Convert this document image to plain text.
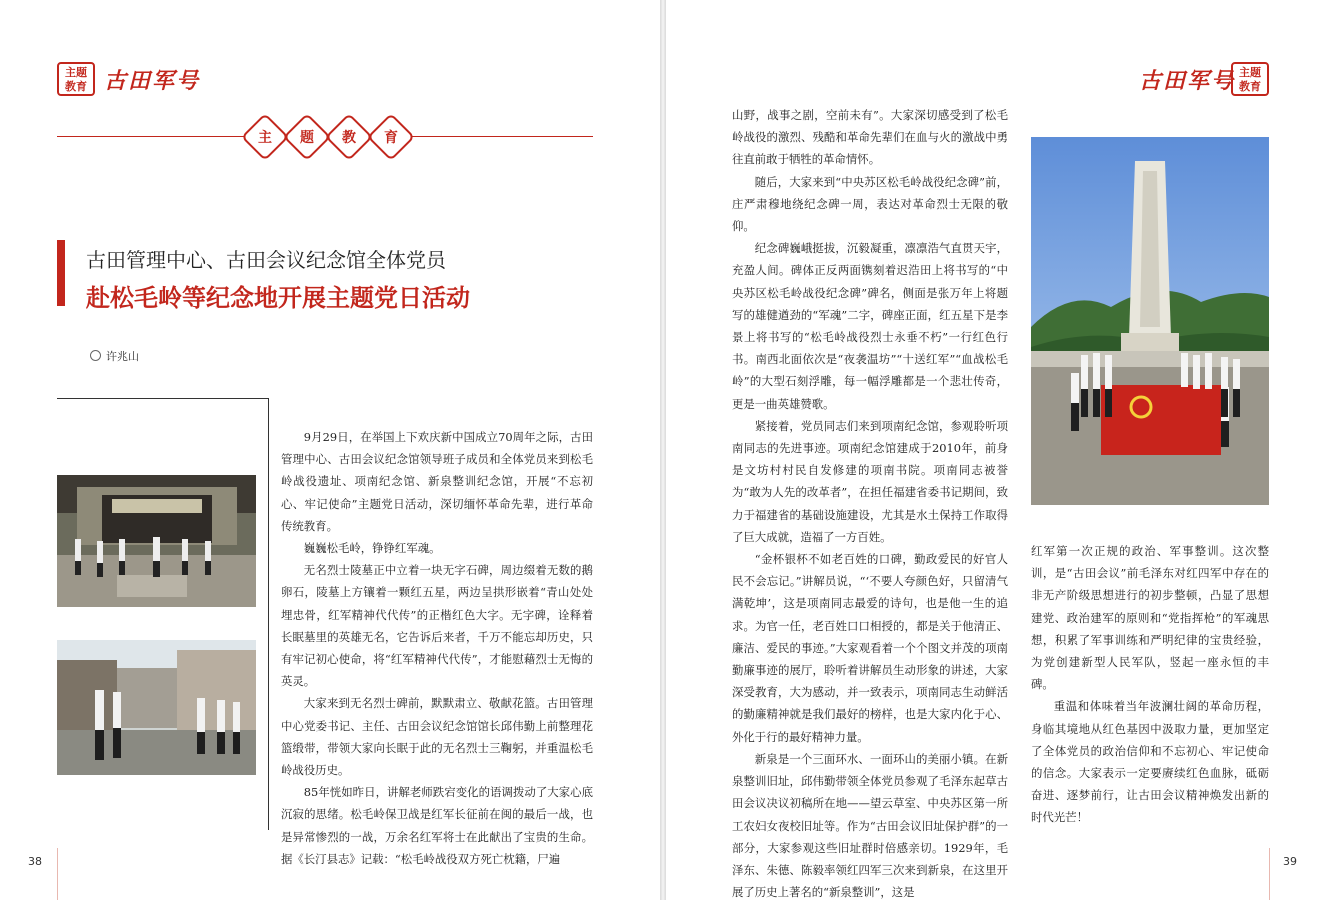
主题
教育 古田军号
主 题 教 育
古田管理中心、古田会议纪念馆全体党员
赴松毛岭等纪念地开展主题党日活动
许兆山

9月29日，在举国上下欢庆新中国成立70周年之际，古田管理中心、古田会议纪念馆领导班子成员和全体党员来到松毛岭战役遗址、项南纪念馆、新泉整训纪念馆，开展“不忘初心、牢记使命”主题党日活动，深切缅怀革命先辈，进行革命传统教育。

巍巍松毛岭，铮铮红军魂。

无名烈士陵墓正中立着一块无字石碑，周边缀着无数的鹅卵石，陵墓上方镶着一颗红五星，两边呈拱形嵌着“青山处处埋忠骨，红军精神代代传”的正楷红色大字。无字碑，诠释着长眠墓里的英雄无名，它告诉后来者，千万不能忘却历史，只有牢记初心使命，将“红军精神代代传”，才能慰藉烈士无悔的英灵。

大家来到无名烈士碑前，默默肃立、敬献花篮。古田管理中心党委书记、主任、古田会议纪念馆馆长邱伟勤上前整理花篮缎带，带领大家向长眠于此的无名烈士三鞠躬，并重温松毛岭战役历史。

85年恍如昨日，讲解老师跌宕变化的语调拨动了大家心底沉寂的思绪。松毛岭保卫战是红军长征前在闽的最后一战，也是异常惨烈的一战，万余名红军将士在此献出了宝贵的生命。据《长汀县志》记载：“松毛岭战役双方死亡枕籍，尸遍

38
古田军号 主题
教育

山野，战事之剧，空前未有”。大家深切感受到了松毛岭战役的激烈、残酷和革命先辈们在血与火的激战中勇往直前敢于牺牲的革命情怀。

随后，大家来到“中央苏区松毛岭战役纪念碑”前，庄严肃穆地绕纪念碑一周，表达对革命烈士无限的敬仰。

纪念碑巍峨挺拔，沉毅凝重，凛凛浩气直贯天宇，充盈人间。碑体正反两面镌刻着迟浩田上将书写的“中央苏区松毛岭战役纪念碑”碑名，侧面是张万年上将题写的雄健遒劲的“军魂”二字，碑座正面，红五星下是李景上将书写的“松毛岭战役烈士永垂不朽”一行红色行书。南西北面依次是“夜袭温坊”“十送红军”“血战松毛岭”的大型石刻浮雕，每一幅浮雕都是一个悲壮传奇，更是一曲英雄赞歌。

紧接着，党员同志们来到项南纪念馆，参观聆听项南同志的先进事迹。项南纪念馆建成于2010年，前身是文坊村村民自发修建的项南书院。项南同志被誉为“敢为人先的改革者”，在担任福建省委书记期间，致力于福建省的基础设施建设，尤其是水土保持工作取得了巨大成就，造福了一方百姓。

“金杯银杯不如老百姓的口碑，勤政爱民的好官人民不会忘记。”讲解员说，“‘不要人夸颜色好，只留清气满乾坤’，这是项南同志最爱的诗句，也是他一生的追求。为官一任，老百姓口口相授的，都是关于他清正、廉洁、爱民的事迹。”大家观看着一个个图文并茂的项南勤廉事迹的展厅，聆听着讲解员生动形象的讲述，大家深受教育，大为感动，并一致表示，项南同志生动鲜活的勤廉精神就是我们最好的榜样，也是大家内化于心、外化于行的最好精神力量。

新泉是一个三面环水、一面环山的美丽小镇。在新泉整训旧址，邱伟勤带领全体党员参观了毛泽东起草古田会议决议初稿所在地——望云草室、中央苏区第一所工农妇女夜校旧址等。作为“古田会议旧址保护群”的一部分，大家参观这些旧址群时倍感亲切。1929年，毛泽东、朱德、陈毅率领红四军三次来到新泉，在这里开展了历史上著名的“新泉整训”，这是

红军第一次正规的政治、军事整训。这次整训，是“古田会议”前毛泽东对红四军中存在的非无产阶级思想进行的初步整顿，凸显了思想建党、政治建军的原则和“党指挥枪”的军魂思想，积累了军事训练和严明纪律的宝贵经验，为党创建新型人民军队，竖起一座永恒的丰碑。

重温和体味着当年波澜壮阔的革命历程，身临其境地从红色基因中汲取力量，更加坚定了全体党员的政治信仰和不忘初心、牢记使命的信念。大家表示一定要赓续红色血脉，砥砺奋进、逐梦前行，让古田会议精神焕发出新的时代光芒！

39
